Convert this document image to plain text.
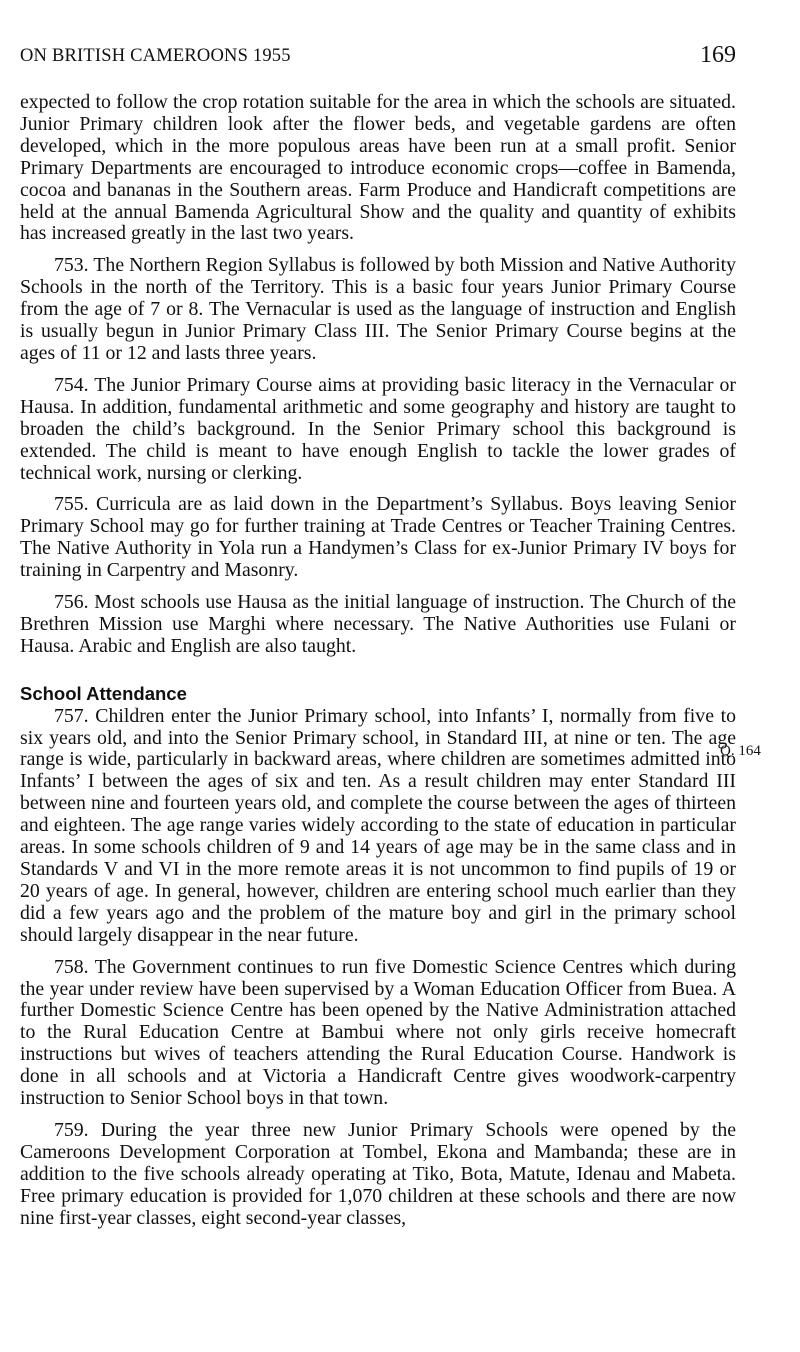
ON BRITISH CAMEROONS 1955	169

expected to follow the crop rotation suitable for the area in which the schools are situated. Junior Primary children look after the flower beds, and vegetable gardens are often developed, which in the more populous areas have been run at a small profit. Senior Primary Departments are encouraged to introduce economic crops—coffee in Bamenda, cocoa and bananas in the Southern areas. Farm Produce and Handicraft competitions are held at the annual Bamenda Agricultural Show and the quality and quantity of exhibits has increased greatly in the last two years.

753. The Northern Region Syllabus is followed by both Mission and Native Authority Schools in the north of the Territory. This is a basic four years Junior Primary Course from the age of 7 or 8. The Vernacular is used as the language of instruction and English is usually begun in Junior Primary Class III. The Senior Primary Course begins at the ages of 11 or 12 and lasts three years.

754. The Junior Primary Course aims at providing basic literacy in the Vernacular or Hausa. In addition, fundamental arithmetic and some geography and history are taught to broaden the child’s background. In the Senior Primary school this background is extended. The child is meant to have enough English to tackle the lower grades of technical work, nursing or clerking.

755. Curricula are as laid down in the Department’s Syllabus. Boys leaving Senior Primary School may go for further training at Trade Centres or Teacher Training Centres. The Native Authority in Yola run a Handymen’s Class for ex-Junior Primary IV boys for training in Carpentry and Masonry.

756. Most schools use Hausa as the initial language of instruction. The Church of the Brethren Mission use Marghi where necessary. The Native Authorities use Fulani or Hausa. Arabic and English are also taught.

School Attendance

757. Children enter the Junior Primary school, into Infants’ I, normally from five to six years old, and into the Senior Primary school, in Standard III, at nine or ten. The age range is wide, particularly in backward areas, where children are sometimes admitted into Infants’ I between the ages of six and ten. As a result children may enter Standard III between nine and fourteen years old, and complete the course between the ages of thirteen and eighteen. The age range varies widely according to the state of education in particular areas. In some schools children of 9 and 14 years of age may be in the same class and in Standards V and VI in the more remote areas it is not uncommon to find pupils of 19 or 20 years of age. In general, however, children are entering school much earlier than they did a few years ago and the problem of the mature boy and girl in the primary school should largely disappear in the near future.

758. The Government continues to run five Domestic Science Centres which during the year under review have been supervised by a Woman Education Officer from Buea. A further Domestic Science Centre has been opened by the Native Administration attached to the Rural Education Centre at Bambui where not only girls receive homecraft instructions but wives of teachers attending the Rural Education Course. Handwork is done in all schools and at Victoria a Handicraft Centre gives woodwork-carpentry instruction to Senior School boys in that town.

759. During the year three new Junior Primary Schools were opened by the Cameroons Development Corporation at Tombel, Ekona and Mambanda; these are in addition to the five schools already operating at Tiko, Bota, Matute, Idenau and Mabeta. Free primary education is provided for 1,070 children at these schools and there are now nine first-year classes, eight second-year classes,

Q. 164
